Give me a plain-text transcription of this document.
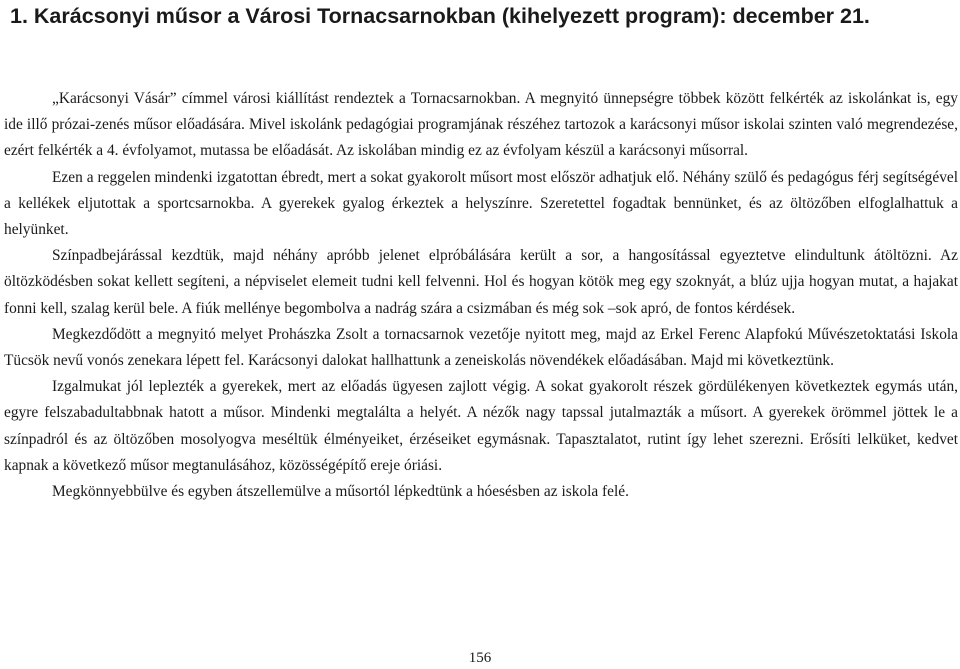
1. Karácsonyi műsor a Városi Tornacsarnokban (kihelyezett program): december 21.

„Karácsonyi Vásár” címmel városi kiállítást rendeztek a Tornacsarnokban. A megnyitó ünnepségre többek között felkérték az iskolánkat is, egy ide illő prózai-zenés műsor előadására. Mivel iskolánk pedagógiai programjának részéhez tartozok a karácsonyi műsor iskolai szinten való megrendezése, ezért felkérték a 4. évfolyamot, mutassa be előadását. Az iskolában mindig ez az évfolyam készül a karácsonyi műsorral.

Ezen a reggelen mindenki izgatottan ébredt, mert a sokat gyakorolt műsort most először adhatjuk elő. Néhány szülő és pedagógus férj segítségével a kellékek eljutottak a sportcsarnokba. A gyerekek gyalog érkeztek a helyszínre. Szeretettel fogadtak bennünket, és az öltözőben elfoglalhattuk a helyünket.

Színpadbejárással kezdtük, majd néhány apróbb jelenet elpróbálására került a sor, a hangosítással egyeztetve elindultunk átöltözni. Az öltözködésben sokat kellett segíteni, a népviselet elemeit tudni kell felvenni. Hol és hogyan kötök meg egy szoknyát, a blúz ujja hogyan mutat, a hajakat fonni kell, szalag kerül bele. A fiúk mellénye begombolva a nadrág szára a csizmában és még sok –sok apró, de fontos kérdések.

Megkezdődött a megnyitó melyet Prohászka Zsolt a tornacsarnok vezetője nyitott meg, majd az Erkel Ferenc Alapfokú Művészetoktatási Iskola Tücsök nevű vonós zenekara lépett fel. Karácsonyi dalokat hallhattunk a zeneiskolás növendékek előadásában. Majd mi következtünk.

Izgalmukat jól leplezték a gyerekek, mert az előadás ügyesen zajlott végig. A sokat gyakorolt részek gördülékenyen következtek egymás után, egyre felszabadultabbnak hatott a műsor. Mindenki megtalálta a helyét. A nézők nagy tapssal jutalmazták a műsort. A gyerekek örömmel jöttek le a színpadról és az öltözőben mosolyogva meséltük élményeiket, érzéseiket egymásnak. Tapasztalatot, rutint így lehet szerezni. Erősíti lelküket, kedvet kapnak a következő műsor megtanulásához, közösségépítő ereje óriási.

Megkönnyebbülve és egyben átszellemülve a műsortól lépkedtünk a hóesésben az iskola felé.

156
